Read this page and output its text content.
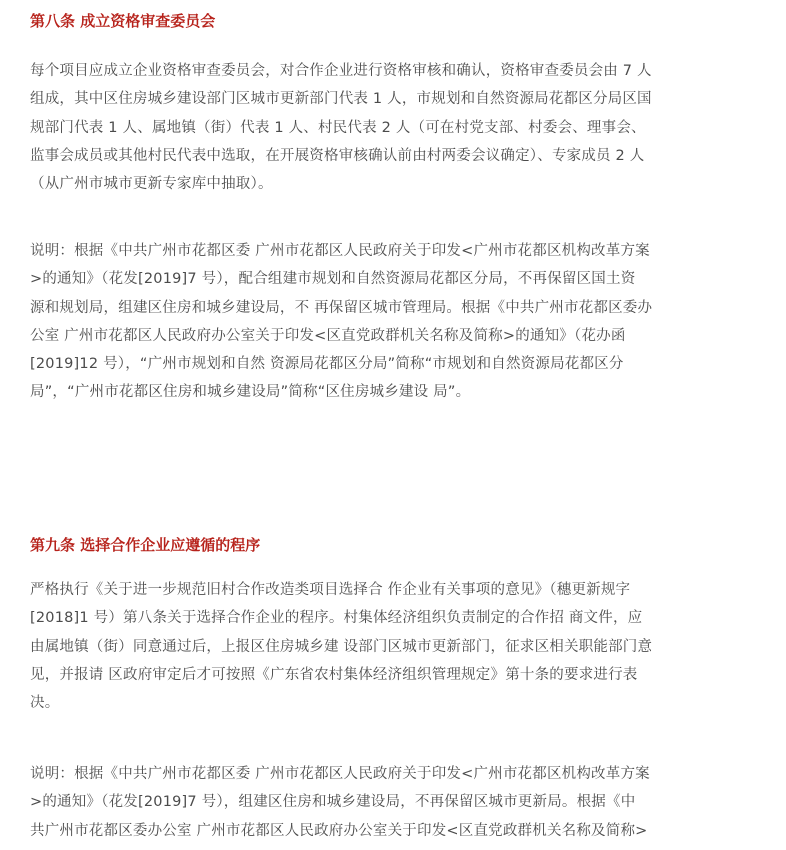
第八条 成立资格审查委员会

每个项目应成立企业资格审查委员会，对合作企业进行资格审核和确认，资格审查委员会由 7 人
组成，其中区住房城乡建设部门区城市更新部门代表 1 人，市规划和自然资源局花都区分局区国
规部门代表 1 人、属地镇（街）代表 1 人、村民代表 2 人（可在村党支部、村委会、理事会、
监事会成员或其他村民代表中选取，在开展资格审核确认前由村两委会议确定）、专家成员 2 人
（从广州市城市更新专家库中抽取）。

说明：根据《中共广州市花都区委 广州市花都区人民政府关于印发<广州市花都区机构改革方案
>的通知》（花发[2019]7 号），配合组建市规划和自然资源局花都区分局，不再保留区国土资
源和规划局，组建区住房和城乡建设局，不 再保留区城市管理局。根据《中共广州市花都区委办
公室 广州市花都区人民政府办公室关于印发<区直党政群机关名称及简称>的通知》（花办函
[2019]12 号），“广州市规划和自然 资源局花都区分局”简称“市规划和自然资源局花都区分
局”，“广州市花都区住房和城乡建设局”简称“区住房城乡建设 局”。

第九条 选择合作企业应遵循的程序

严格执行《关于进一步规范旧村合作改造类项目选择合 作企业有关事项的意见》（穗更新规字
[2018]1 号）第八条关于选择合作企业的程序。村集体经济组织负责制定的合作招 商文件，应
由属地镇（街）同意通过后，上报区住房城乡建 设部门区城市更新部门，征求区相关职能部门意
见，并报请 区政府审定后才可按照《广东省农村集体经济组织管理规定》第十条的要求进行表
决。

说明：根据《中共广州市花都区委 广州市花都区人民政府关于印发<广州市花都区机构改革方案
>的通知》（花发[2019]7 号），组建区住房和城乡建设局，不再保留区城市更新局。根据《中
共广州市花都区委办公室 广州市花都区人民政府办公室关于印发<区直党政群机关名称及简称>
